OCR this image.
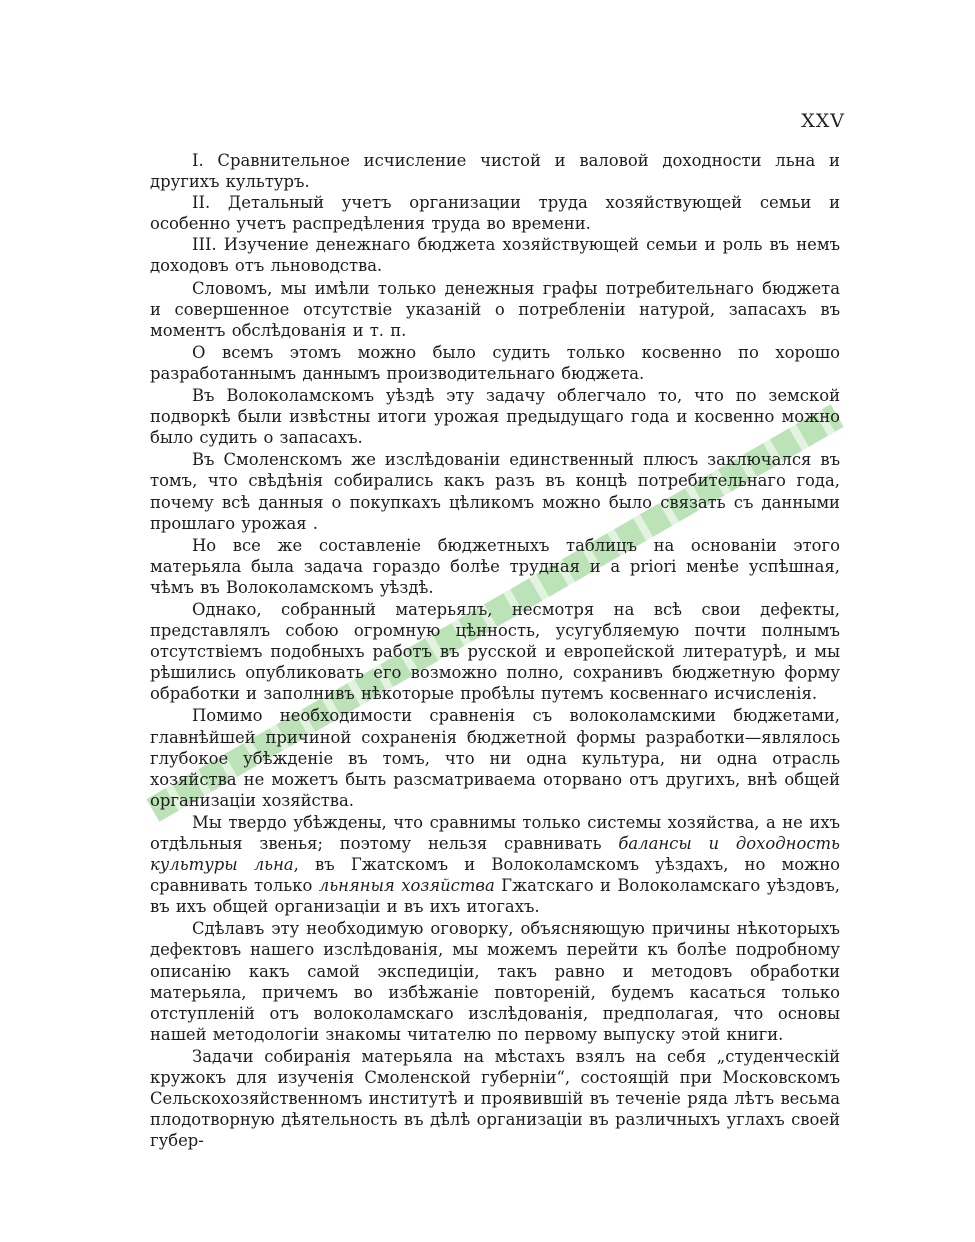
XXV

I. Сравнительное исчисление чистой и валовой доходности льна и другихъ культуръ.

II. Детальный учетъ организации труда хозяйствующей семьи и особенно учетъ распредѣления труда во времени.

III. Изучение денежнаго бюджета хозяйствующей семьи и роль въ немъ доходовъ отъ льноводства.

Словомъ, мы имѣли только денежныя графы потребительнаго бюджета и совершенное отсутствіе указаній о потребленіи натурой, запасахъ въ моментъ обслѣдованія и т. п.

О всемъ этомъ можно было судить только косвенно по хорошо разработаннымъ даннымъ производительнаго бюджета.

Въ Волоколамскомъ уѣздѣ эту задачу облегчало то, что по земской подворкѣ были извѣстны итоги урожая предыдущаго года и косвенно можно было судить о запасахъ.

Въ Смоленскомъ же изслѣдованіи единственный плюсъ заключался въ томъ, что свѣдѣнія собирались какъ разъ въ концѣ потребительнаго года, почему всѣ данныя о покупкахъ цѣликомъ можно было связать съ данными прошлаго урожая .

Но все же составленіе бюджетныхъ таблицъ на основаніи этого матерьяла была задача гораздо болѣе трудная и a priori менѣе успѣшная, чѣмъ въ Волоколамскомъ уѣздѣ.

Однако, собранный матерьялъ, несмотря на всѣ свои дефекты, представлялъ собою огромную цѣнность, усугубляемую почти полнымъ отсутствіемъ подобныхъ работъ въ русской и европейской литературѣ, и мы рѣшились опубликовать его возможно полно, сохранивъ бюджетную форму обработки и заполнивъ нѣкоторые пробѣлы путемъ косвеннаго исчисленія.

Помимо необходимости сравненія съ волоколамскими бюджетами, главнѣйшей причиной сохраненія бюджетной формы разработки—являлось глубокое убѣжденіе въ томъ, что ни одна культура, ни одна отрасль хозяйства не можетъ быть разсматриваема оторвано отъ другихъ, внѣ общей организаціи хозяйства.

Мы твердо убѣждены, что сравнимы только системы хозяйства, а не ихъ отдѣльныя звенья; поэтому нельзя сравнивать балансы и доходность культуры льна, въ Гжатскомъ и Волоколамскомъ уѣздахъ, но можно сравнивать только льняныя хозяйства Гжатскаго и Волоколамскаго уѣздовъ, въ ихъ общей организаціи и въ ихъ итогахъ.

Сдѣлавъ эту необходимую оговорку, объясняющую причины нѣкоторыхъ дефектовъ нашего изслѣдованія, мы можемъ перейти къ болѣе подробному описанію какъ самой экспедиціи, такъ равно и методовъ обработки матерьяла, причемъ во избѣжаніе повтореній, будемъ касаться только отступленій отъ волоколамскаго изслѣдованія, предполагая, что основы нашей методологіи знакомы читателю по первому выпуску этой книги.

Задачи собиранія матерьяла на мѣстахъ взялъ на себя „студенческій кружокъ для изученія Смоленской губерніи“, состоящій при Московскомъ Сельскохозяйственномъ институтѣ и проявившій въ теченіе ряда лѣтъ весьма плодотворную дѣятельность въ дѣлѣ организаціи въ различныхъ углахъ своей губер-
